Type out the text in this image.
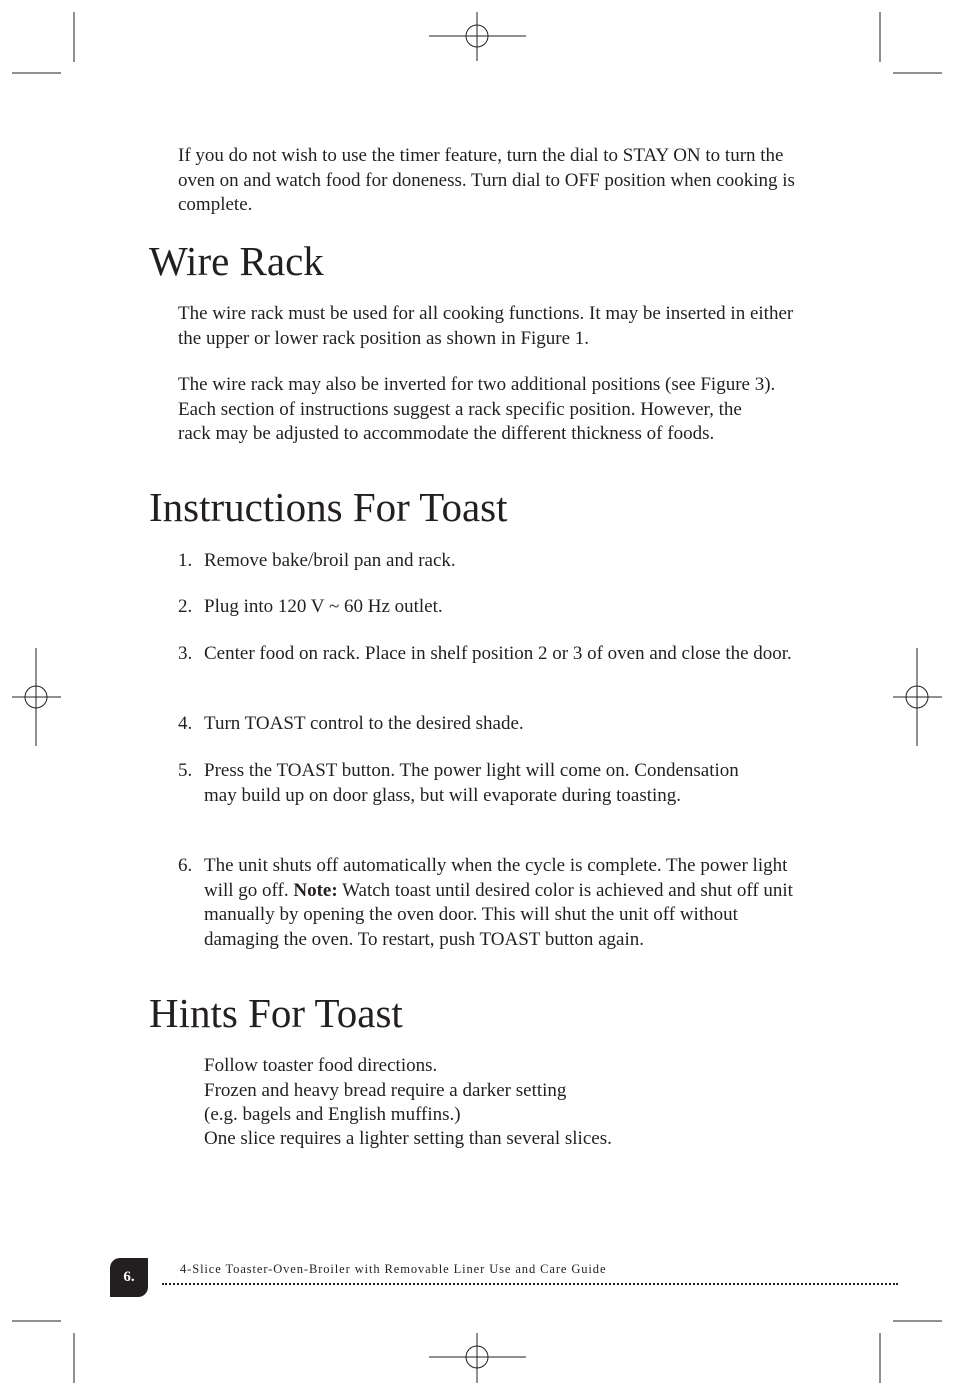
If you do not wish to use the timer feature, turn the dial to STAY ON to turn the oven on and watch food for doneness. Turn dial to OFF position when cooking is complete.

Wire Rack

The wire rack must be used for all cooking functions. It may be inserted in either the upper or lower rack position as shown in Figure 1.

The wire rack may also be inverted for two additional positions (see Figure 3). Each section of instructions suggest a rack specific position. However, the rack may be adjusted to accommodate the different thickness of foods.

Instructions For Toast
1. Remove bake/broil pan and rack.
2. Plug into 120 V ~ 60 Hz outlet.
3. Center food on rack. Place in shelf position 2 or 3 of oven and close the door.
4. Turn TOAST control to the desired shade.
5. Press the TOAST button. The power light will come on. Condensation may build up on door glass, but will evaporate during toasting.
6. The unit shuts off automatically when the cycle is complete. The power light will go off. Note: Watch toast until desired color is achieved and shut off unit manually by opening the oven door. This will shut the unit off without damaging the oven. To restart, push TOAST button again.
Hints For Toast
Follow toaster food directions.
Frozen and heavy bread require a darker setting
(e.g. bagels and English muffins.)
One slice requires a lighter setting than several slices.
6.	4-Slice Toaster-Oven-Broiler with Removable Liner Use and Care Guide
